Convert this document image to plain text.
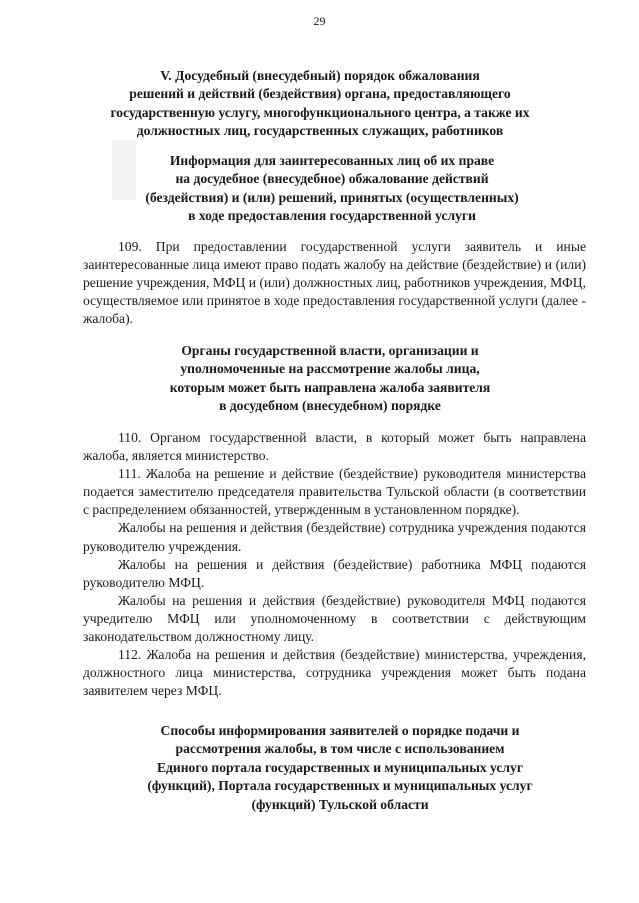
29
V. Досудебный (внесудебный) порядок обжалования
решений и действий (бездействия) органа, предоставляющего
государственную услугу, многофункционального центра, а также их
должностных лиц, государственных служащих, работников
Информация для заинтересованных лиц об их праве
на досудебное (внесудебное) обжалование действий
(бездействия) и (или) решений, принятых (осуществленных)
в ходе предоставления государственной услуги

109. При предоставлении государственной услуги заявитель и иные заинтересованные лица имеют право подать жалобу на действие (бездействие) и (или) решение учреждения, МФЦ и (или) должностных лиц, работников учреждения, МФЦ, осуществляемое или принятое в ходе предоставления государственной услуги (далее - жалоба).

Органы государственной власти, организации и
уполномоченные на рассмотрение жалобы лица,
которым может быть направлена жалоба заявителя
в досудебном (внесудебном) порядке

110. Органом государственной власти, в который может быть направлена жалоба, является министерство.

111. Жалоба на решение и действие (бездействие) руководителя министерства подается заместителю председателя правительства Тульской области (в соответствии с распределением обязанностей, утвержденным в установленном порядке).

Жалобы на решения и действия (бездействие) сотрудника учреждения подаются руководителю учреждения.

Жалобы на решения и действия (бездействие) работника МФЦ подаются руководителю МФЦ.

Жалобы на решения и действия (бездействие) руководителя МФЦ подаются учредителю МФЦ или уполномоченному в соответствии с действующим законодательством должностному лицу.

112. Жалоба на решения и действия (бездействие) министерства, учреждения, должностного лица министерства, сотрудника учреждения может быть подана заявителем через МФЦ.

Способы информирования заявителей о порядке подачи и
рассмотрения жалобы, в том числе с использованием
Единого портала государственных и муниципальных услуг
(функций), Портала государственных и муниципальных услуг
(функций) Тульской области
